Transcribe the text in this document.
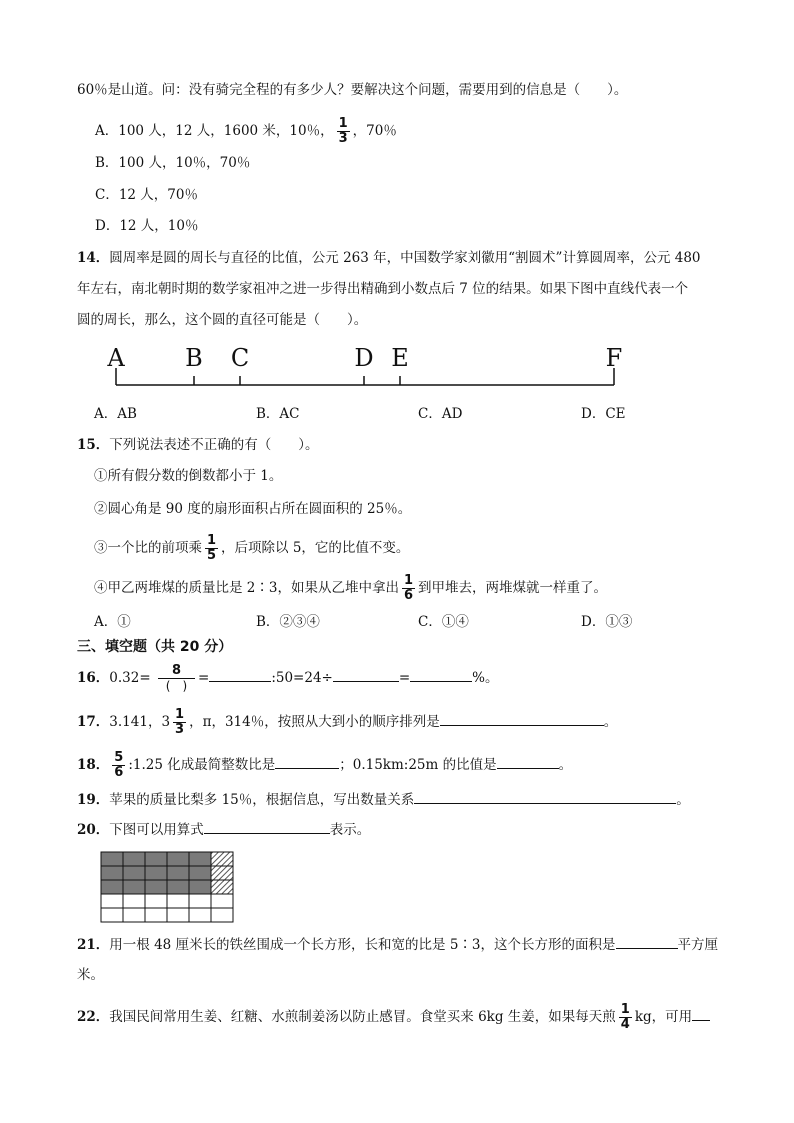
60％是山道。问：没有骑完全程的有多少人？要解决这个问题，需要用到的信息是（　　）。
A．100 人，12 人，1600 米，10％， $\frac{1}{3}$ ，70％
B．100 人，10％，70％
C．12 人，70％
D．12 人，10％
14．圆周率是圆的周长与直径的比值，公元 263 年，中国数学家刘徽用“割圆术”计算圆周率，公元 480
年左右，南北朝时期的数学家祖冲之进一步得出精确到小数点后 7 位的结果。如果下图中直线代表一个
圆的周长，那么，这个圆的直径可能是（　　）。
A	B C	D E	F
A．AB	B．AC	C．AD	D．CE
15．下列说法表述不正确的有（　　）。
①所有假分数的倒数都小于 1。
②圆心角是 90 度的扇形面积占所在圆面积的 25％。
③一个比的前项乘 $\frac{1}{5}$ ，后项除以 5，它的比值不变。
④甲乙两堆煤的质量比是 2∶3，如果从乙堆中拿出 $\frac{1}{6}$ 到甲堆去，两堆煤就一样重了。
A．①	B．②③④	C．①④	D．①③
三、填空题（共 20 分）
16．$0.32= \frac{8}{( )}$ =	:50=24÷	=	%。
17．3.141，$3 \frac{1}{3}$ ，π，314％，按照从大到小的顺序排列是	。
18． $\frac{5}{6}$ :1.25 化成最简整数比是	；0.15km:25m 的比值是	。
19．苹果的质量比梨多 15％，根据信息，写出数量关系	。
20．下图可以用算式	表示。
21．用一根 48 厘米长的铁丝围成一个长方形，长和宽的比是 5∶3，这个长方形的面积是	平方厘
米。
22．我国民间常用生姜、红糖、水煎制姜汤以防止感冒。食堂买来 6kg 生姜，如果每天煎 $\frac{1}{4}$ kg，可用
